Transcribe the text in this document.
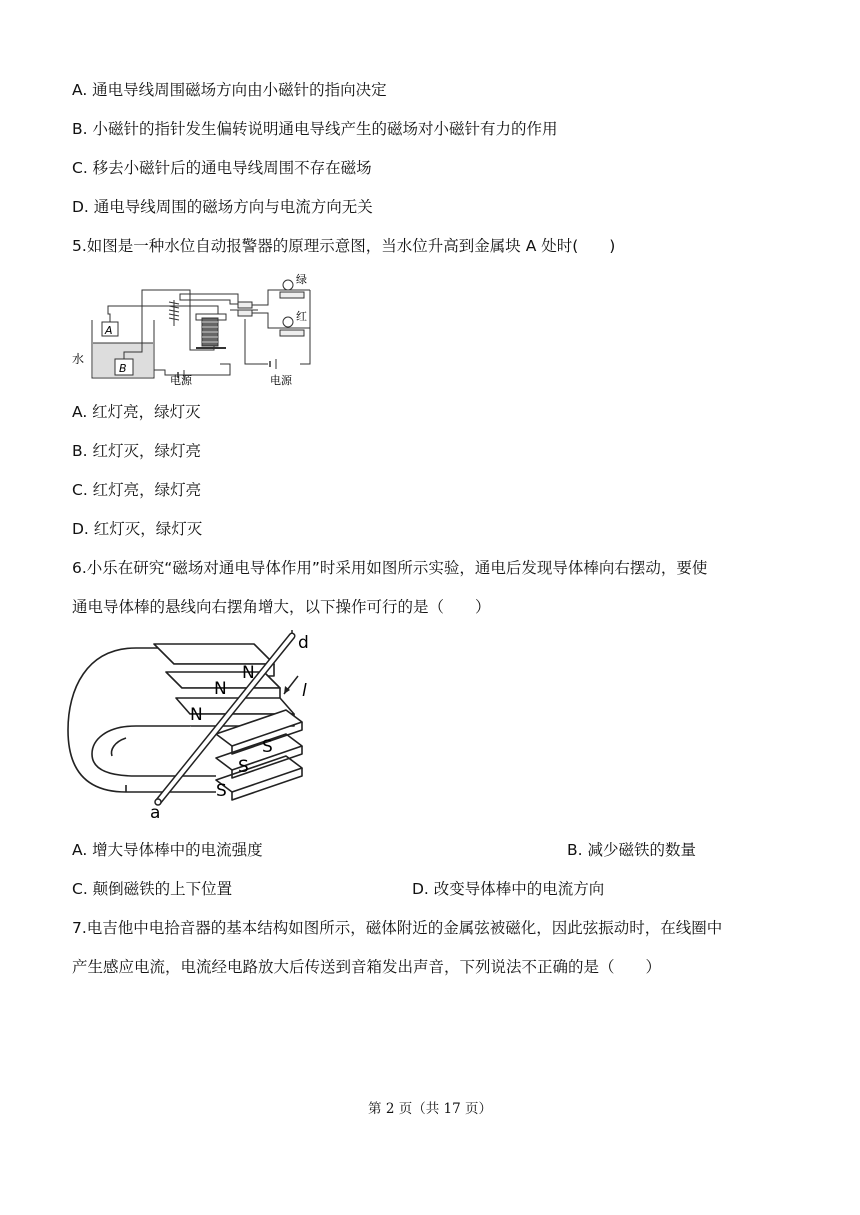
A. 通电导线周围磁场方向由小磁针的指向决定
B. 小磁针的指针发生偏转说明通电导线产生的磁场对小磁针有力的作用
C. 移去小磁针后的通电导线周围不存在磁场
D. 通电导线周围的磁场方向与电流方向无关
5.如图是一种水位自动报警器的原理示意图，当水位升高到金属块 A 处时(　　)
水
A
B
电源	电源
绿
红
A. 红灯亮，绿灯灭
B. 红灯灭，绿灯亮
C. 红灯亮，绿灯亮
D. 红灯灭，绿灯灭
6.小乐在研究“磁场对通电导体作用”时采用如图所示实验，通电后发现导体棒向右摆动，要使
通电导体棒的悬线向右摆角增大，以下操作可行的是（　　）
N
N
N
S
S
S
d
a
l
A. 增大导体棒中的电流强度	B. 减少磁铁的数量
C. 颠倒磁铁的上下位置	D. 改变导体棒中的电流方向
7.电吉他中电拾音器的基本结构如图所示，磁体附近的金属弦被磁化，因此弦振动时，在线圈中
产生感应电流，电流经电路放大后传送到音箱发出声音，下列说法不正确的是（　　）
第 2 页（共 17 页）
